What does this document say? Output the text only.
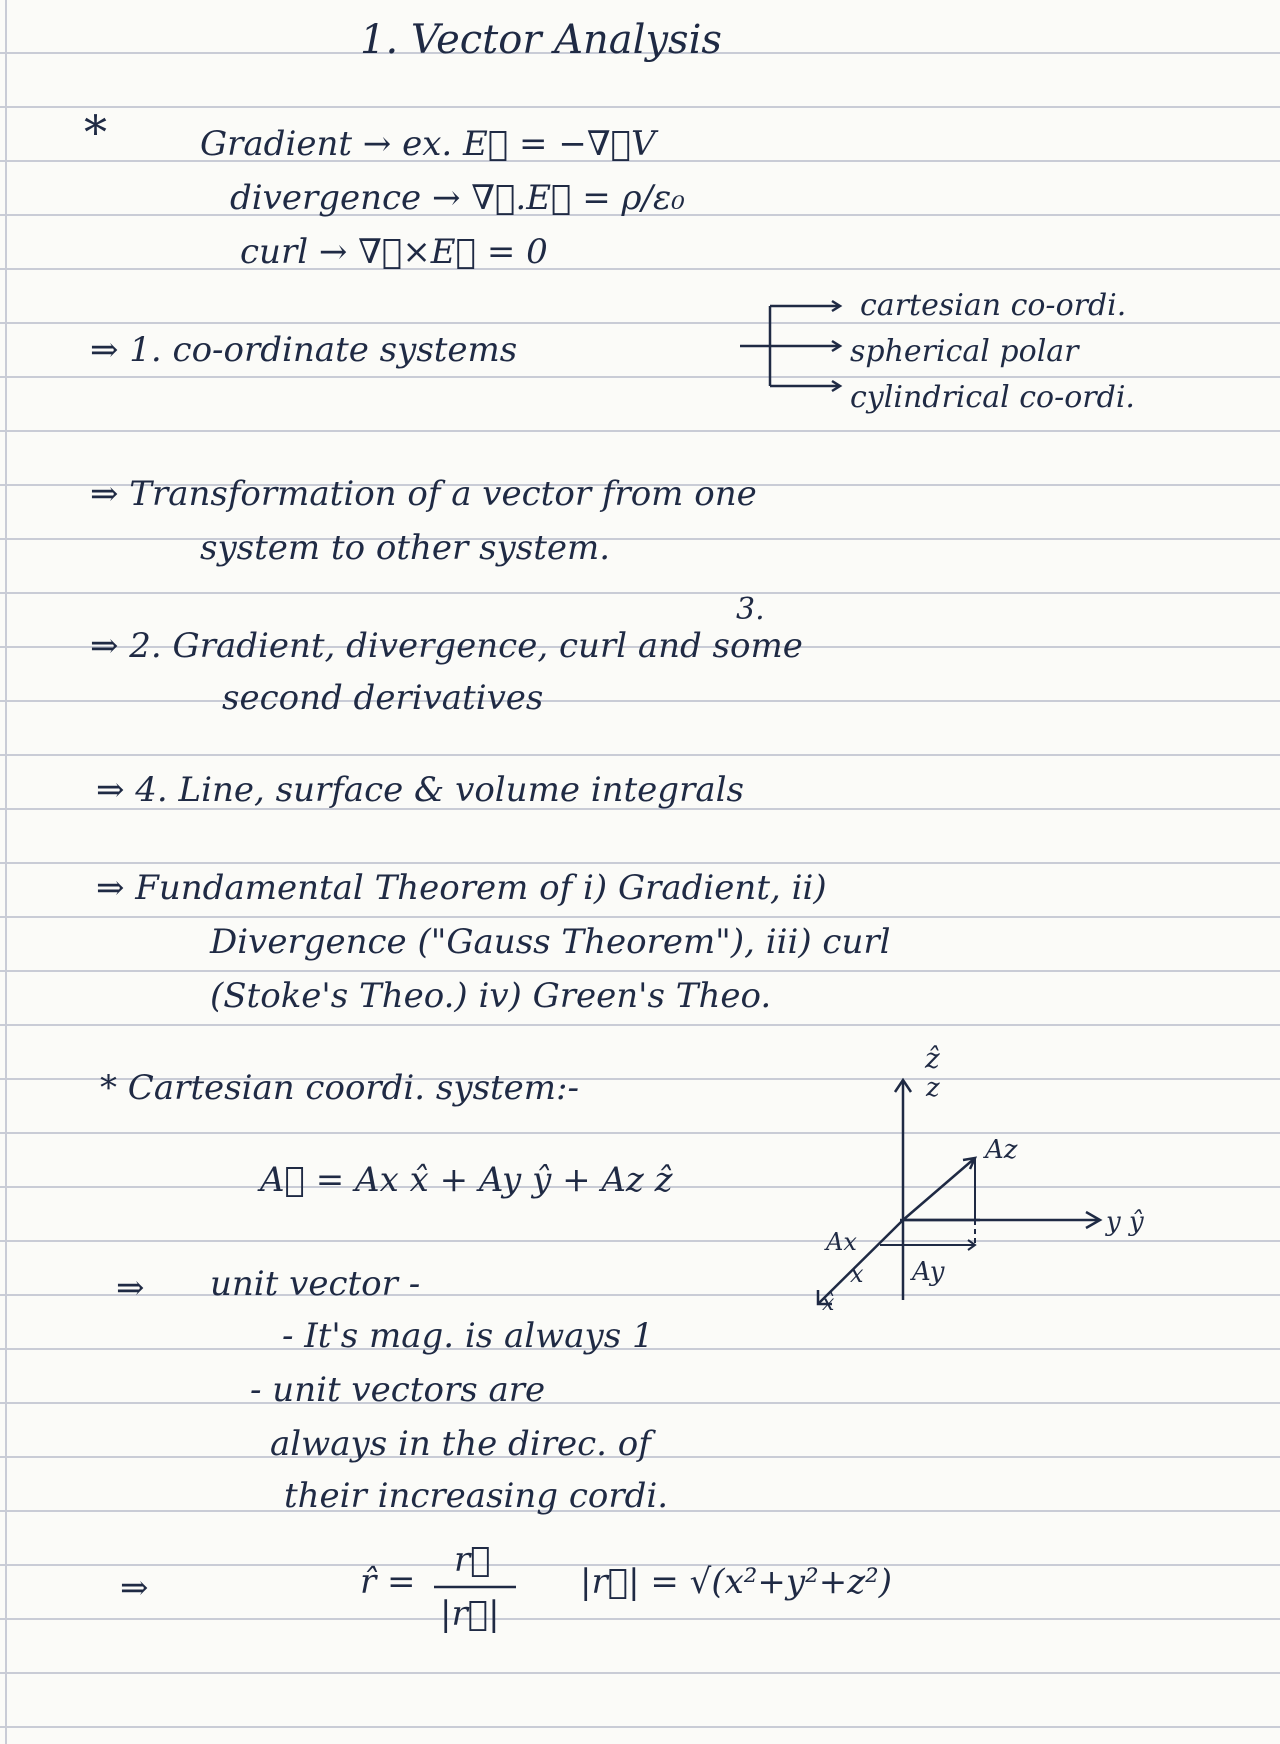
1. Vector Analysis
*	Gradient → ex. E⃗ = −∇⃗V
divergence → ∇⃗.E⃗ = ρ/ε₀
curl → ∇⃗×E⃗ = 0
⇒ 1. co-ordinate systems
cartesian co-ordi.
spherical polar
cylindrical co-ordi.
⇒ Transformation of a vector from one
system to other system.
3.
⇒ 2. Gradient, divergence, curl and some
second derivatives
⇒ 4. Line, surface & volume integrals
⇒ Fundamental Theorem of i) Gradient, ii)
Divergence ("Gauss Theorem"), iii) curl
(Stoke's Theo.) iv) Green's Theo.
* Cartesian coordi. system:-
A⃗ = Ax x̂ + Ay ŷ + Az ẑ
⇒ unit vector -
- It's mag. is always 1
- unit vectors are
always in the direc. of
their increasing cordi.
⇒	r̂ =
r⃗
|r⃗|
|r⃗| = √(x²+y²+z²)
ẑ
z
Az
y ŷ
Ax
Ay
x
x̂
